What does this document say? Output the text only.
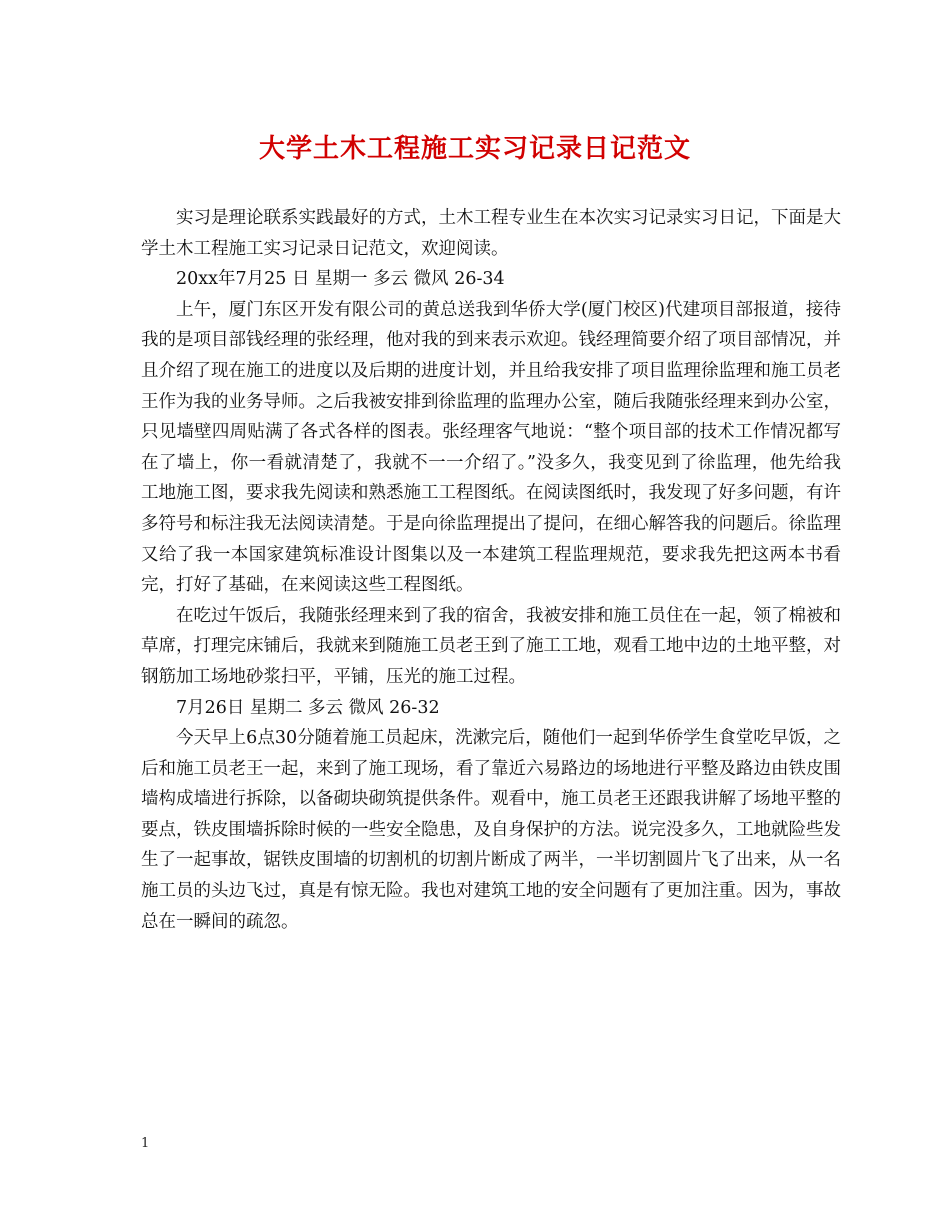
大学土木工程施工实习记录日记范文

实习是理论联系实践最好的方式，土木工程专业生在本次实习记录实习日记，下面是大学土木工程施工实习记录日记范文，欢迎阅读。

20xx年7月25 日 星期一 多云 微风 26-34

上午，厦门东区开发有限公司的黄总送我到华侨大学(厦门校区)代建项目部报道，接待我的是项目部钱经理的张经理，他对我的到来表示欢迎。钱经理简要介绍了项目部情况，并且介绍了现在施工的进度以及后期的进度计划，并且给我安排了项目监理徐监理和施工员老王作为我的业务导师。之后我被安排到徐监理的监理办公室，随后我随张经理来到办公室，只见墙壁四周贴满了各式各样的图表。张经理客气地说：“整个项目部的技术工作情况都写在了墙上，你一看就清楚了，我就不一一介绍了。”没多久，我变见到了徐监理，他先给我工地施工图，要求我先阅读和熟悉施工工程图纸。在阅读图纸时，我发现了好多问题，有许多符号和标注我无法阅读清楚。于是向徐监理提出了提问，在细心解答我的问题后。徐监理又给了我一本国家建筑标准设计图集以及一本建筑工程监理规范，要求我先把这两本书看完，打好了基础，在来阅读这些工程图纸。

在吃过午饭后，我随张经理来到了我的宿舍，我被安排和施工员住在一起，领了棉被和草席，打理完床铺后，我就来到随施工员老王到了施工工地，观看工地中边的土地平整，对钢筋加工场地砂浆扫平，平铺，压光的施工过程。

7月26日 星期二 多云 微风 26-32

今天早上6点30分随着施工员起床，洗漱完后，随他们一起到华侨学生食堂吃早饭，之后和施工员老王一起，来到了施工现场，看了靠近六易路边的场地进行平整及路边由铁皮围墙构成墙进行拆除，以备砌块砌筑提供条件。观看中，施工员老王还跟我讲解了场地平整的要点，铁皮围墙拆除时候的一些安全隐患，及自身保护的方法。说完没多久，工地就险些发生了一起事故，锯铁皮围墙的切割机的切割片断成了两半，一半切割圆片飞了出来，从一名施工员的头边飞过，真是有惊无险。我也对建筑工地的安全问题有了更加注重。因为，事故总在一瞬间的疏忽。

1
